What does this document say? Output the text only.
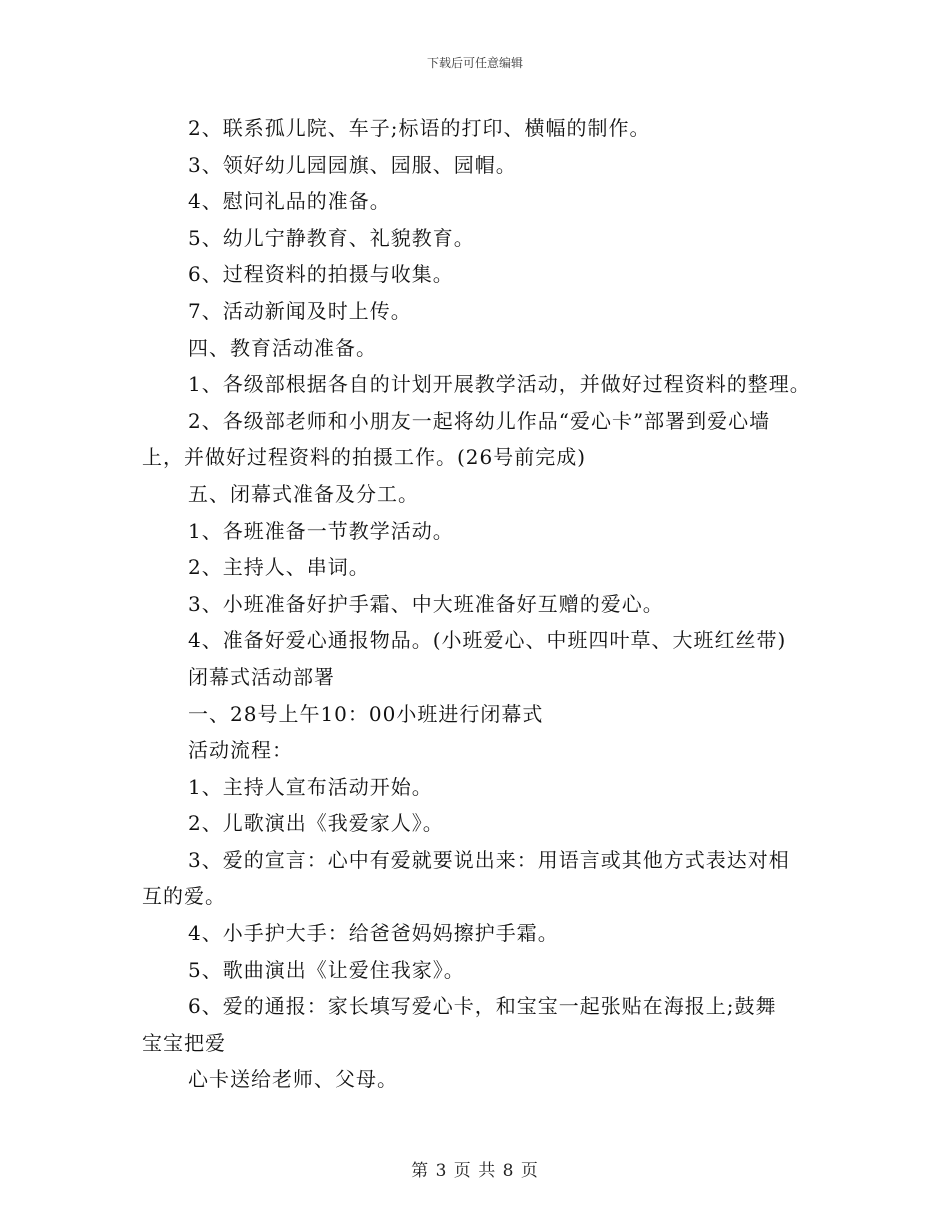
下载后可任意编辑
2、联系孤儿院、车子;标语的打印、横幅的制作。
3、领好幼儿园园旗、园服、园帽。
4、慰问礼品的准备。
5、幼儿宁静教育、礼貌教育。
6、过程资料的拍摄与收集。
7、活动新闻及时上传。
四、教育活动准备。
1、各级部根据各自的计划开展教学活动，并做好过程资料的整理。
2、各级部老师和小朋友一起将幼儿作品“爱心卡”部署到爱心墙
上，并做好过程资料的拍摄工作。(26号前完成)
五、闭幕式准备及分工。
1、各班准备一节教学活动。
2、主持人、串词。
3、小班准备好护手霜、中大班准备好互赠的爱心。
4、准备好爱心通报物品。(小班爱心、中班四叶草、大班红丝带)
闭幕式活动部署
一、28号上午10：00小班进行闭幕式
活动流程：
1、主持人宣布活动开始。
2、儿歌演出《我爱家人》。
3、爱的宣言：心中有爱就要说出来：用语言或其他方式表达对相
互的爱。
4、小手护大手：给爸爸妈妈擦护手霜。
5、歌曲演出《让爱住我家》。
6、爱的通报：家长填写爱心卡，和宝宝一起张贴在海报上;鼓舞
宝宝把爱
心卡送给老师、父母。
第 3 页 共 8 页
